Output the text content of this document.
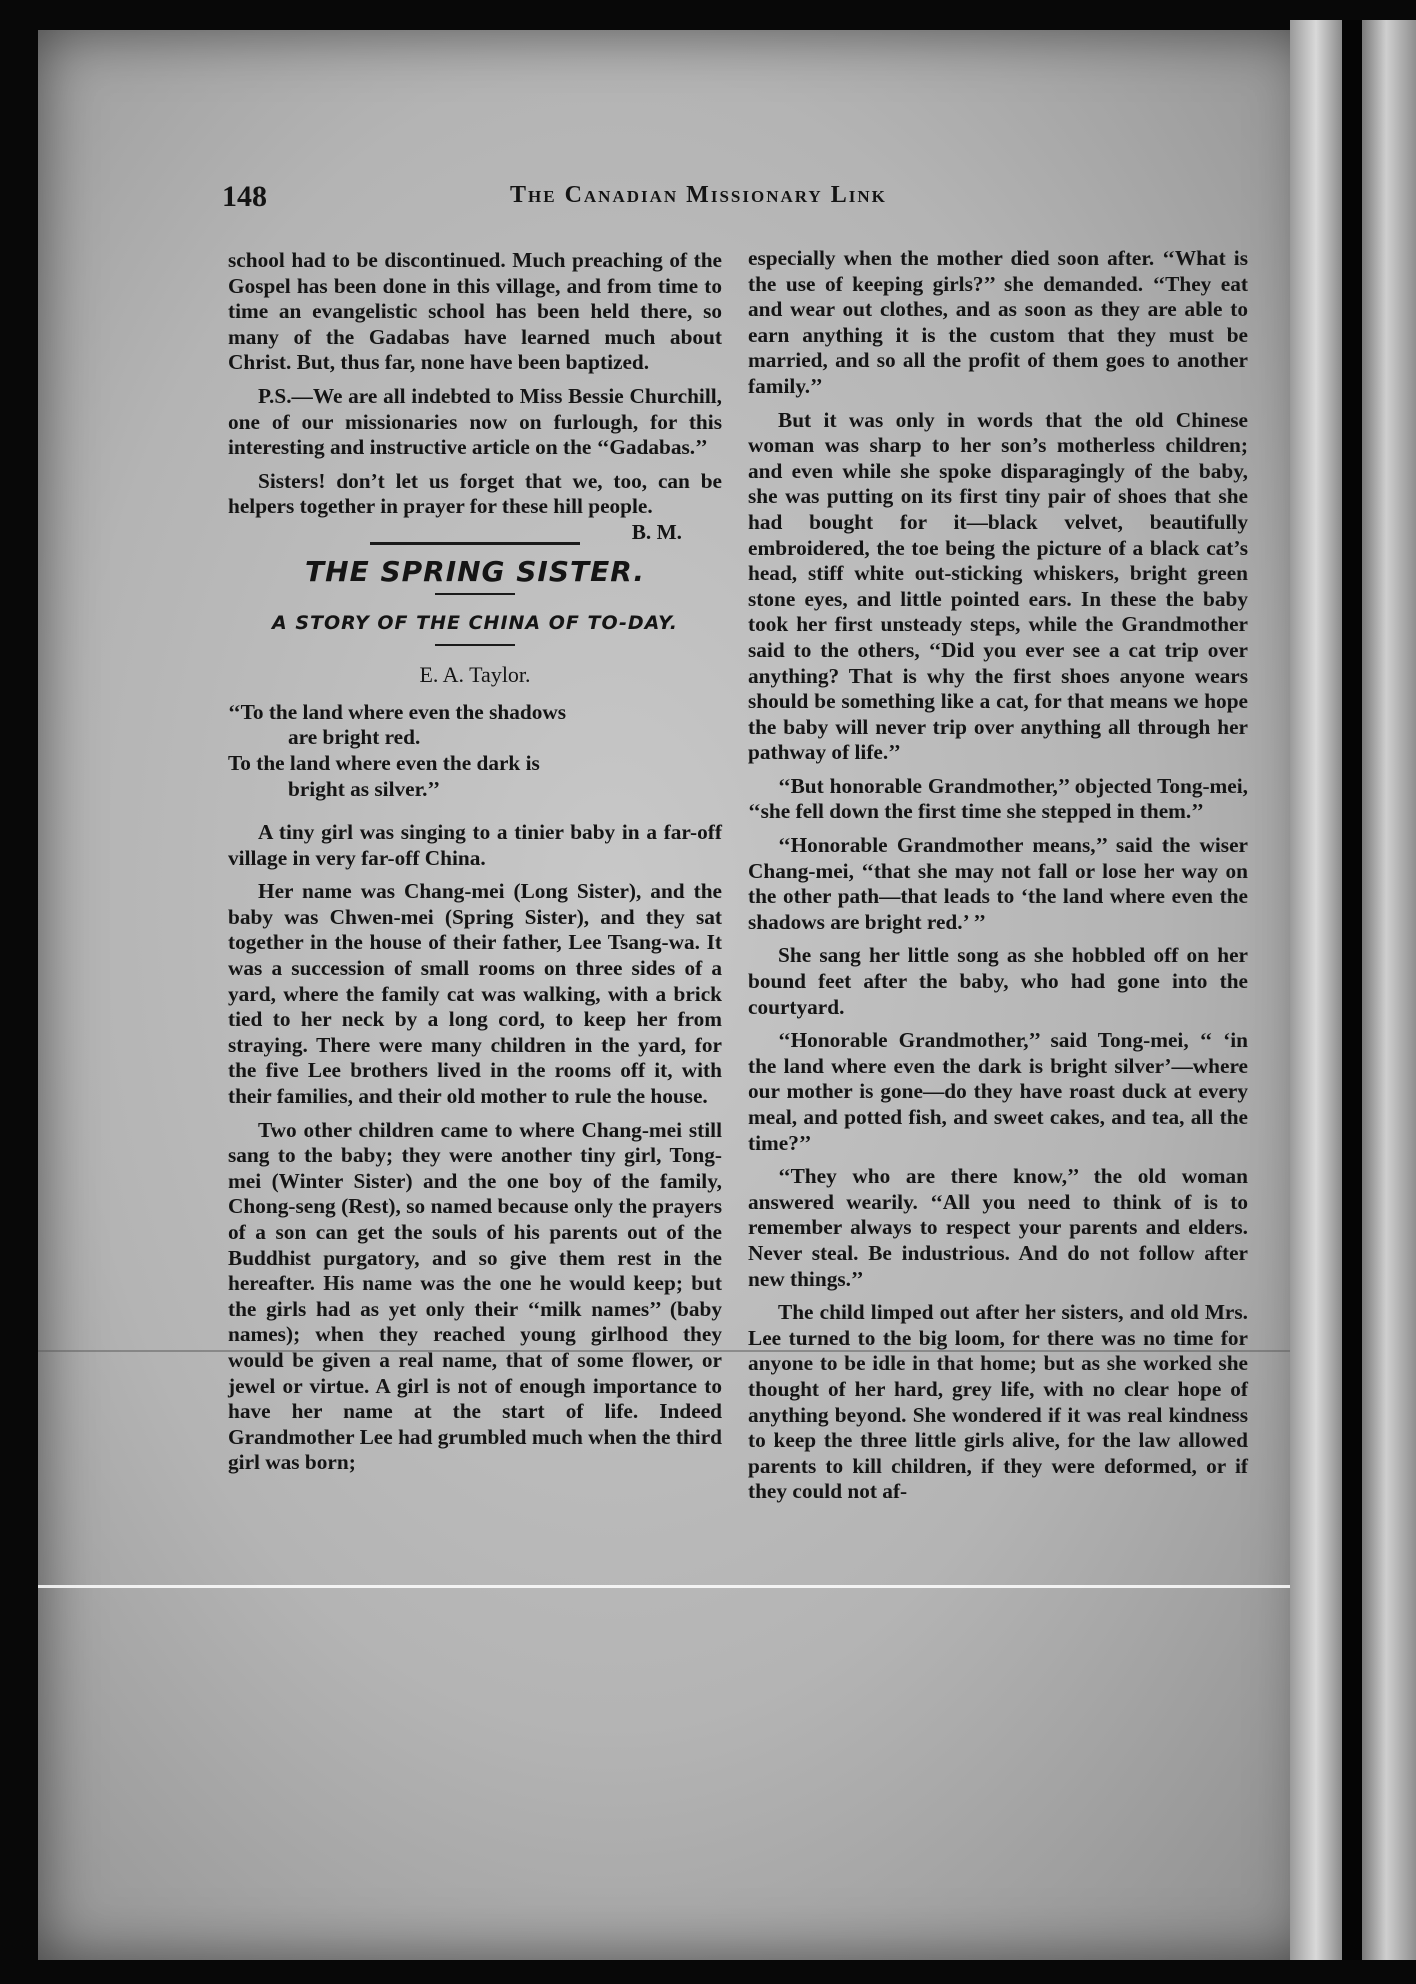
148	The Canadian Missionary Link

school had to be discontinued. Much preaching of the Gospel has been done in this village, and from time to time an evangelistic school has been held there, so many of the Gadabas have learned much about Christ. But, thus far, none have been baptized.

P.S.—We are all indebted to Miss Bessie Churchill, one of our missionaries now on furlough, for this interesting and instructive article on the ‘‘Gadabas.’’

Sisters! don’t let us forget that we, too, can be helpers together in prayer for these hill people.
B. M.

THE SPRING SISTER.
A STORY OF THE CHINA OF TO-DAY.
E. A. Taylor.
‘‘To the land where even the shadows
are bright red.
To the land where even the dark is
bright as silver.’’

A tiny girl was singing to a tinier baby in a far-off village in very far-off China.

Her name was Chang-mei (Long Sister), and the baby was Chwen-mei (Spring Sister), and they sat together in the house of their father, Lee Tsang-wa. It was a succession of small rooms on three sides of a yard, where the family cat was walking, with a brick tied to her neck by a long cord, to keep her from straying. There were many children in the yard, for the five Lee brothers lived in the rooms off it, with their families, and their old mother to rule the house.

Two other children came to where Chang-mei still sang to the baby; they were another tiny girl, Tong-mei (Winter Sister) and the one boy of the family, Chong-seng (Rest), so named because only the prayers of a son can get the souls of his parents out of the Buddhist purgatory, and so give them rest in the hereafter. His name was the one he would keep; but the girls had as yet only their ‘‘milk names’’ (baby names); when they reached young girlhood they would be given a real name, that of some flower, or jewel or virtue. A girl is not of enough importance to have her name at the start of life. Indeed Grandmother Lee had grumbled much when the third girl was born;

especially when the mother died soon after. ‘‘What is the use of keeping girls?’’ she demanded. ‘‘They eat and wear out clothes, and as soon as they are able to earn anything it is the custom that they must be married, and so all the profit of them goes to another family.’’

But it was only in words that the old Chinese woman was sharp to her son’s motherless children; and even while she spoke disparagingly of the baby, she was putting on its first tiny pair of shoes that she had bought for it—black velvet, beautifully embroidered, the toe being the picture of a black cat’s head, stiff white out-sticking whiskers, bright green stone eyes, and little pointed ears. In these the baby took her first unsteady steps, while the Grandmother said to the others, ‘‘Did you ever see a cat trip over anything? That is why the first shoes anyone wears should be something like a cat, for that means we hope the baby will never trip over anything all through her pathway of life.’’

‘‘But honorable Grandmother,’’ objected Tong-mei, ‘‘she fell down the first time she stepped in them.’’

‘‘Honorable Grandmother means,’’ said the wiser Chang-mei, ‘‘that she may not fall or lose her way on the other path—that leads to ‘the land where even the shadows are bright red.’ ’’

She sang her little song as she hobbled off on her bound feet after the baby, who had gone into the courtyard.

‘‘Honorable Grandmother,’’ said Tong-mei, ‘‘ ‘in the land where even the dark is bright silver’—where our mother is gone—do they have roast duck at every meal, and potted fish, and sweet cakes, and tea, all the time?’’

‘‘They who are there know,’’ the old woman answered wearily. ‘‘All you need to think of is to remember always to respect your parents and elders. Never steal. Be industrious. And do not follow after new things.’’

The child limped out after her sisters, and old Mrs. Lee turned to the big loom, for there was no time for anyone to be idle in that home; but as she worked she thought of her hard, grey life, with no clear hope of anything beyond. She wondered if it was real kindness to keep the three little girls alive, for the law allowed parents to kill children, if they were deformed, or if they could not af-
